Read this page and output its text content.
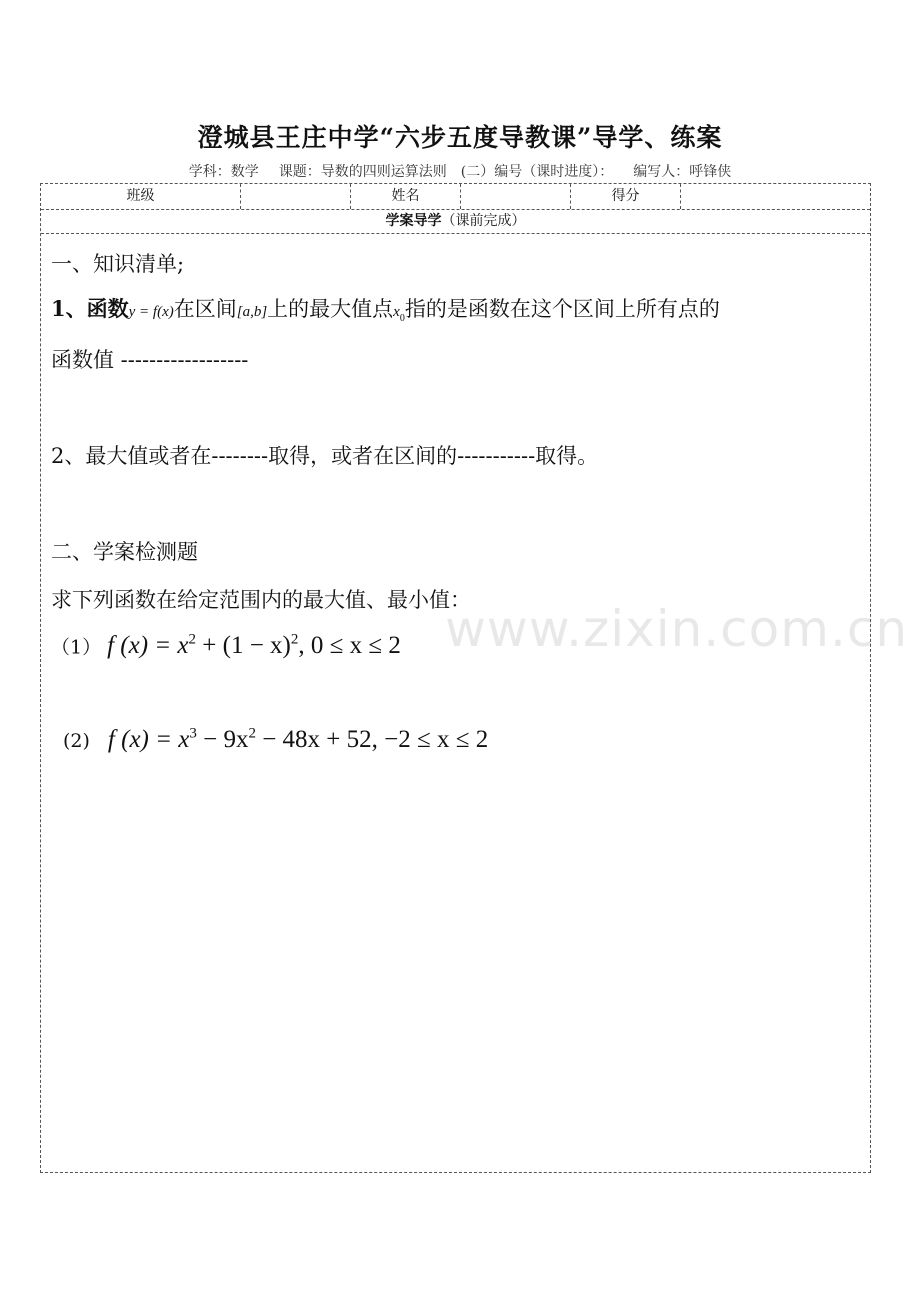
澄城县王庄中学“六步五度导教课”导学、练案
学科：数学 课题：导数的四则运算法则　(二）编号（课时进度）： 编写人：呼锋侠
班级	姓名	得分
学案导学（课前完成）
一、知识清单;
1、函数y = f(x)在区间[a,b]上的最大值点$x_0$指的是函数在这个区间上所有点的
函数值 ------------------
2、最大值或者在--------取得，或者在区间的-----------取得。
二、学案检测题
求下列函数在给定范围内的最大值、最小值：
（1） f $(x) = x^2 + (1 - x)^2$, 0 ≤ x ≤ 2
(2) f $(x) = x^3 - 9x^2 - 48x + 52$, −2 ≤ x ≤ 2
www.zixin.com.cn
